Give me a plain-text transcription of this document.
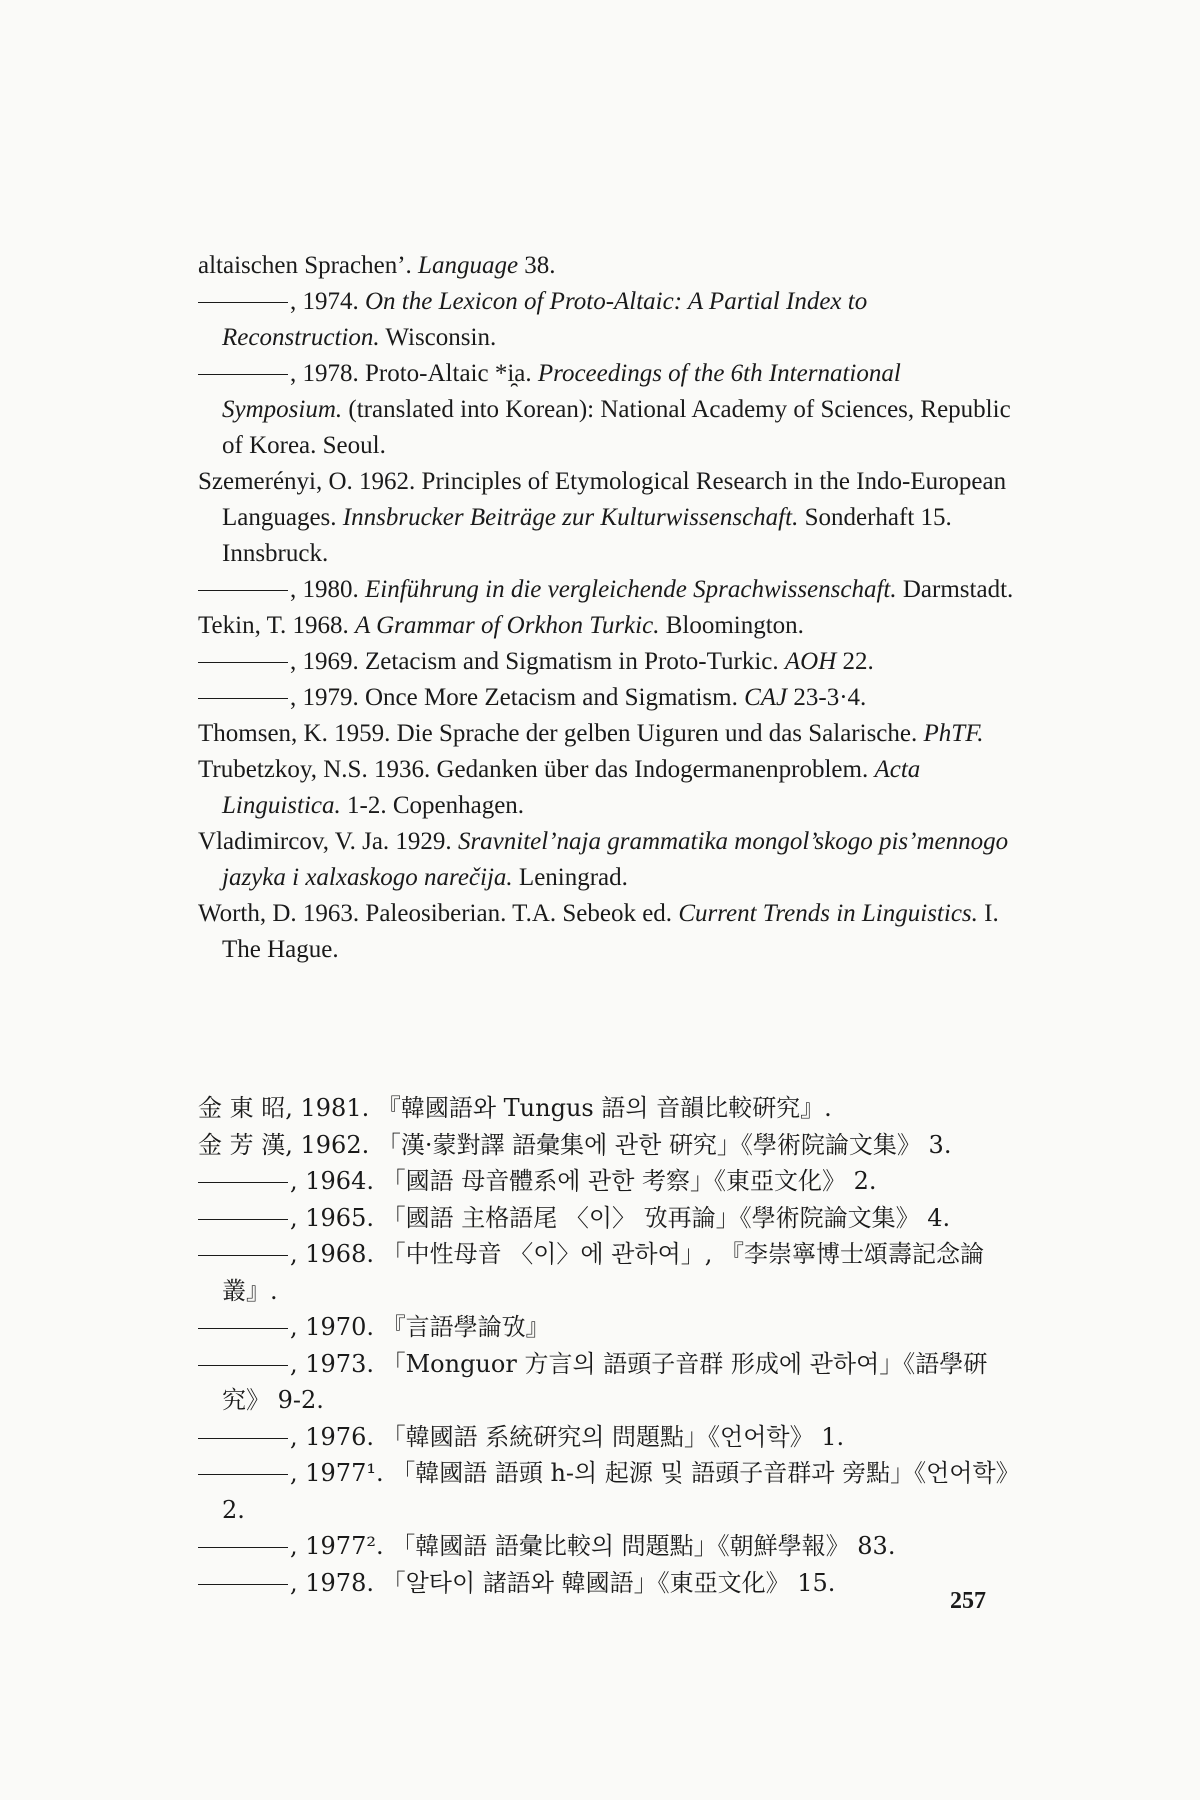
altaischen Sprachen’. Language 38.
, 1974. On the Lexicon of Proto-Altaic: A Partial Index to Reconstruction. Wisconsin.
, 1978. Proto-Altaic *i̯a. Proceedings of the 6th International Symposium. (translated into Korean): National Academy of Sciences, Republic of Korea. Seoul.
Szemerényi, O. 1962. Principles of Etymological Research in the Indo-European Languages. Innsbrucker Beiträge zur Kulturwissenschaft. Sonderhaft 15. Innsbruck.
, 1980. Einführung in die vergleichende Sprachwissenschaft. Darmstadt.
Tekin, T. 1968. A Grammar of Orkhon Turkic. Bloomington.
, 1969. Zetacism and Sigmatism in Proto-Turkic. AOH 22.
, 1979. Once More Zetacism and Sigmatism. CAJ 23-3·4.
Thomsen, K. 1959. Die Sprache der gelben Uiguren und das Salarische. PhTF.
Trubetzkoy, N.S. 1936. Gedanken über das Indogermanenproblem. Acta Linguistica. 1-2. Copenhagen.
Vladimircov, V. Ja. 1929. Sravnitel’naja grammatika mongol’skogo pis’mennogo jazyka i xalxaskogo narečija. Leningrad.
Worth, D. 1963. Paleosiberian. T.A. Sebeok ed. Current Trends in Linguistics. I. The Hague.
金 東 昭, 1981. 『韓國語와 Tungus 語의 音韻比較硏究』.
金 芳 漢, 1962. 「漢·蒙對譯 語彙集에 관한 硏究」《學術院論文集》 3.
, 1964. 「國語 母音體系에 관한 考察」《東亞文化》 2.
, 1965. 「國語 主格語尾 〈이〉 攷再論」《學術院論文集》 4.
, 1968. 「中性母音 〈이〉에 관하여」, 『李崇寧博士頌壽記念論叢』.
, 1970. 『言語學論攷』
, 1973. 「Monguor 方言의 語頭子音群 形成에 관하여」《語學硏究》 9-2.
, 1976. 「韓國語 系統硏究의 問題點」《언어학》 1.
, 1977¹. 「韓國語 語頭 h-의 起源 및 語頭子音群과 旁點」《언어학》 2.
, 1977². 「韓國語 語彙比較의 問題點」《朝鮮學報》 83.
, 1978. 「알타이 諸語와 韓國語」《東亞文化》 15.
257
